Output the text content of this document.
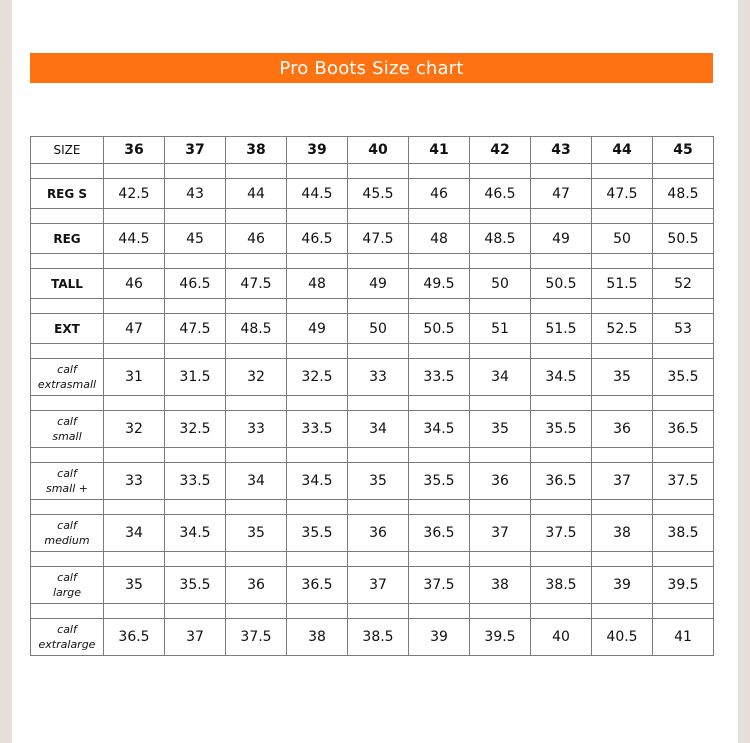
Pro Boots Size chart
SIZE	36	37	38	39	40	41	42	43	44	45

REG S	42.5	43	44	44.5	45.5	46	46.5	47	47.5	48.5

REG	44.5	45	46	46.5	47.5	48	48.5	49	50	50.5

TALL	46	46.5	47.5	48	49	49.5	50	50.5	51.5	52

EXT	47	47.5	48.5	49	50	50.5	51	51.5	52.5	53

calf
extrasmall	31	31.5	32	32.5	33	33.5	34	34.5	35	35.5

calf
small	32	32.5	33	33.5	34	34.5	35	35.5	36	36.5

calf
small +	33	33.5	34	34.5	35	35.5	36	36.5	37	37.5

calf
medium	34	34.5	35	35.5	36	36.5	37	37.5	38	38.5

calf
large	35	35.5	36	36.5	37	37.5	38	38.5	39	39.5

calf
extralarge	36.5	37	37.5	38	38.5	39	39.5	40	40.5	41
